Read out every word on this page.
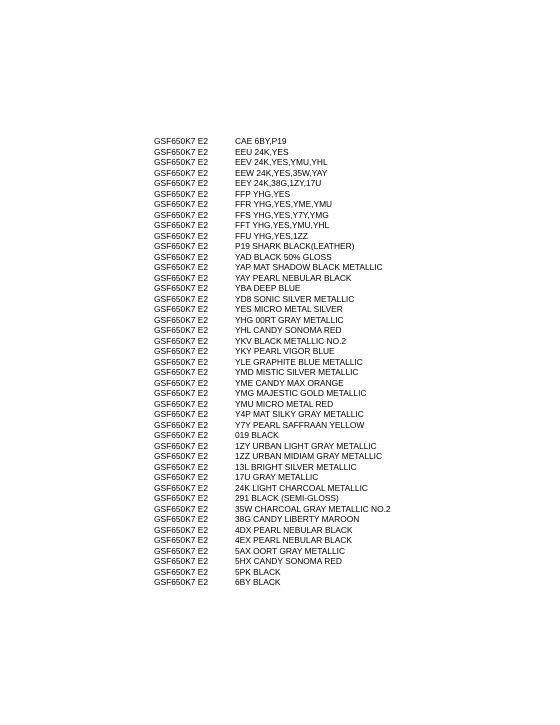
GSF650K7 E2	CAE 6BY,P19
GSF650K7 E2	EEU 24K,YES
GSF650K7 E2	EEV 24K,YES,YMU,YHL
GSF650K7 E2	EEW 24K,YES,35W,YAY
GSF650K7 E2	EEY 24K,38G,1ZY,17U
GSF650K7 E2	FFP YHG,YES
GSF650K7 E2	FFR YHG,YES,YME,YMU
GSF650K7 E2	FFS YHG,YES,Y7Y,YMG
GSF650K7 E2	FFT YHG,YES,YMU,YHL
GSF650K7 E2	FFU YHG,YES,1ZZ
GSF650K7 E2	P19 SHARK BLACK(LEATHER)
GSF650K7 E2	YAD BLACK 50% GLOSS
GSF650K7 E2	YAP MAT SHADOW BLACK METALLIC
GSF650K7 E2	YAY PEARL NEBULAR BLACK
GSF650K7 E2	YBA DEEP BLUE
GSF650K7 E2	YD8 SONIC SILVER METALLIC
GSF650K7 E2	YES MICRO METAL SILVER
GSF650K7 E2	YHG 00RT GRAY METALLIC
GSF650K7 E2	YHL CANDY SONOMA RED
GSF650K7 E2	YKV BLACK METALLIC NO.2
GSF650K7 E2	YKY PEARL VIGOR BLUE
GSF650K7 E2	YLE GRAPHITE BLUE METALLIC
GSF650K7 E2	YMD MISTIC SILVER METALLIC
GSF650K7 E2	YME CANDY MAX ORANGE
GSF650K7 E2	YMG MAJESTIC GOLD METALLIC
GSF650K7 E2	YMU MICRO METAL RED
GSF650K7 E2	Y4P MAT SILKY GRAY METALLIC
GSF650K7 E2	Y7Y PEARL SAFFRAAN YELLOW
GSF650K7 E2	019 BLACK
GSF650K7 E2	1ZY URBAN LIGHT GRAY METALLIC
GSF650K7 E2	1ZZ URBAN MIDIAM GRAY METALLIC
GSF650K7 E2	13L BRIGHT SILVER METALLIC
GSF650K7 E2	17U GRAY METALLIC
GSF650K7 E2	24K LIGHT CHARCOAL METALLIC
GSF650K7 E2	291 BLACK (SEMI-GLOSS)
GSF650K7 E2	35W CHARCOAL GRAY METALLIC NO.2
GSF650K7 E2	38G CANDY LIBERTY MAROON
GSF650K7 E2	4DX PEARL NEBULAR BLACK
GSF650K7 E2	4EX PEARL NEBULAR BLACK
GSF650K7 E2	5AX OORT GRAY METALLIC
GSF650K7 E2	5HX CANDY SONOMA RED
GSF650K7 E2	5PK BLACK
GSF650K7 E2	6BY BLACK
